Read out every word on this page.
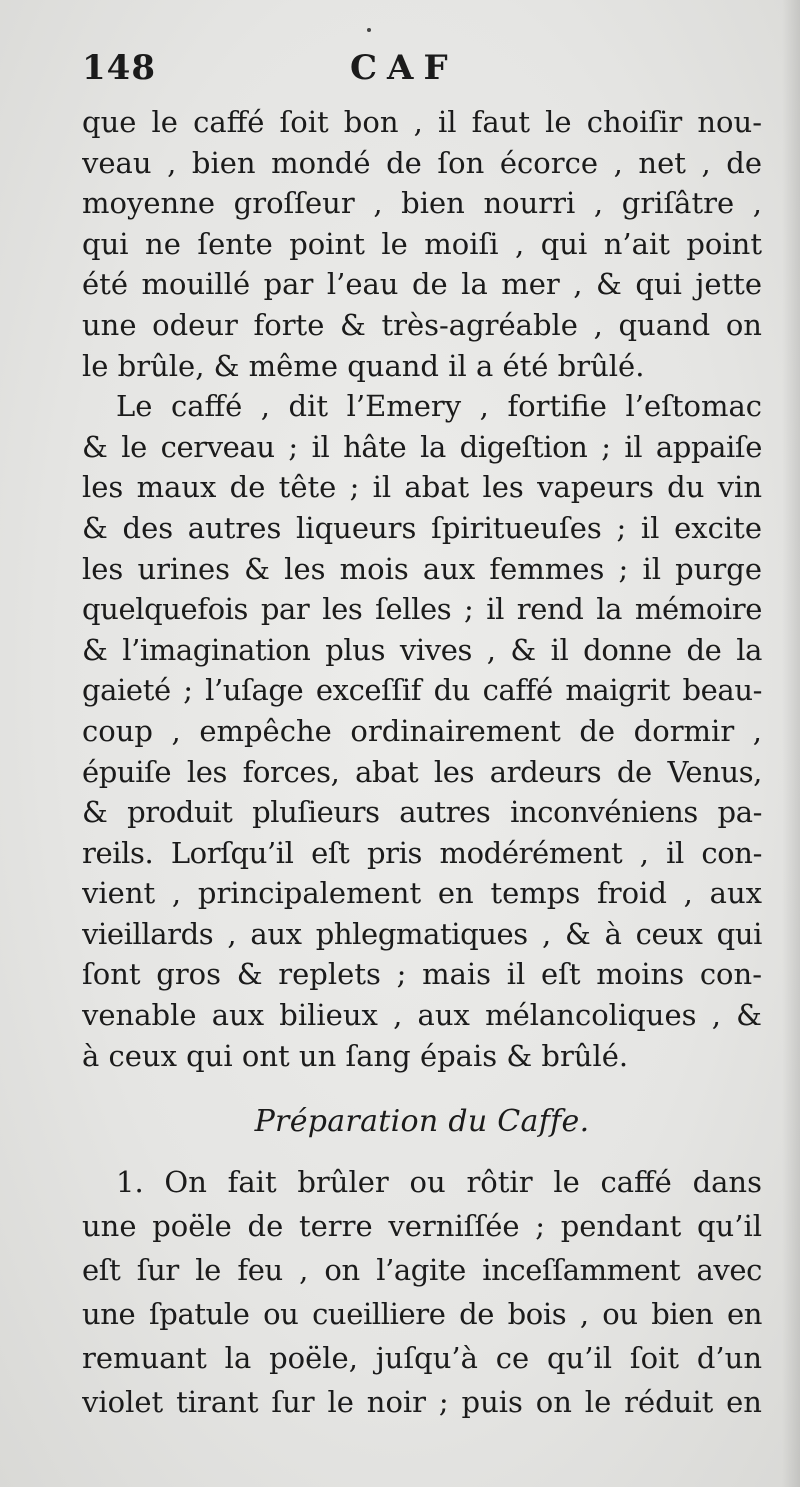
148	CAF
que le caffé ſoit bon , il faut le choiſir nou-
veau , bien mondé de ſon écorce , net , de
moyenne groſſeur , bien nourri , griſâtre ,
qui ne ſente point le moiſi , qui n’ait point
été mouillé par l’eau de la mer , & qui jette
une odeur forte & très-agréable , quand on
le brûle, & même quand il a été brûlé.
Le caffé , dit l’Emery , fortifie l’eſtomac
& le cerveau ; il hâte la digeſtion ; il appaiſe
les maux de tête ; il abat les vapeurs du vin
& des autres liqueurs ſpiritueuſes ; il excite
les urines & les mois aux femmes ; il purge
quelquefois par les ſelles ; il rend la mémoire
& l’imagination plus vives , & il donne de la
gaieté ; l’uſage exceſſif du caffé maigrit beau-
coup , empêche ordinairement de dormir ,
épuiſe les forces, abat les ardeurs de Venus,
& produit pluſieurs autres inconvéniens pa-
reils. Lorſqu’il eſt pris modérément , il con-
vient , principalement en temps froid , aux
vieillards , aux phlegmatiques , & à ceux qui
ſont gros & replets ; mais il eſt moins con-
venable aux bilieux , aux mélancoliques , &
à ceux qui ont un ſang épais & brûlé.
Préparation du Caffe.
1. On fait brûler ou rôtir le caffé dans
une poële de terre verniſſée ; pendant qu’il
eſt ſur le feu , on l’agite inceſſamment avec
une ſpatule ou cueilliere de bois , ou bien en
remuant la poële, juſqu’à ce qu’il ſoit d’un
violet tirant ſur le noir ; puis on le réduit en
